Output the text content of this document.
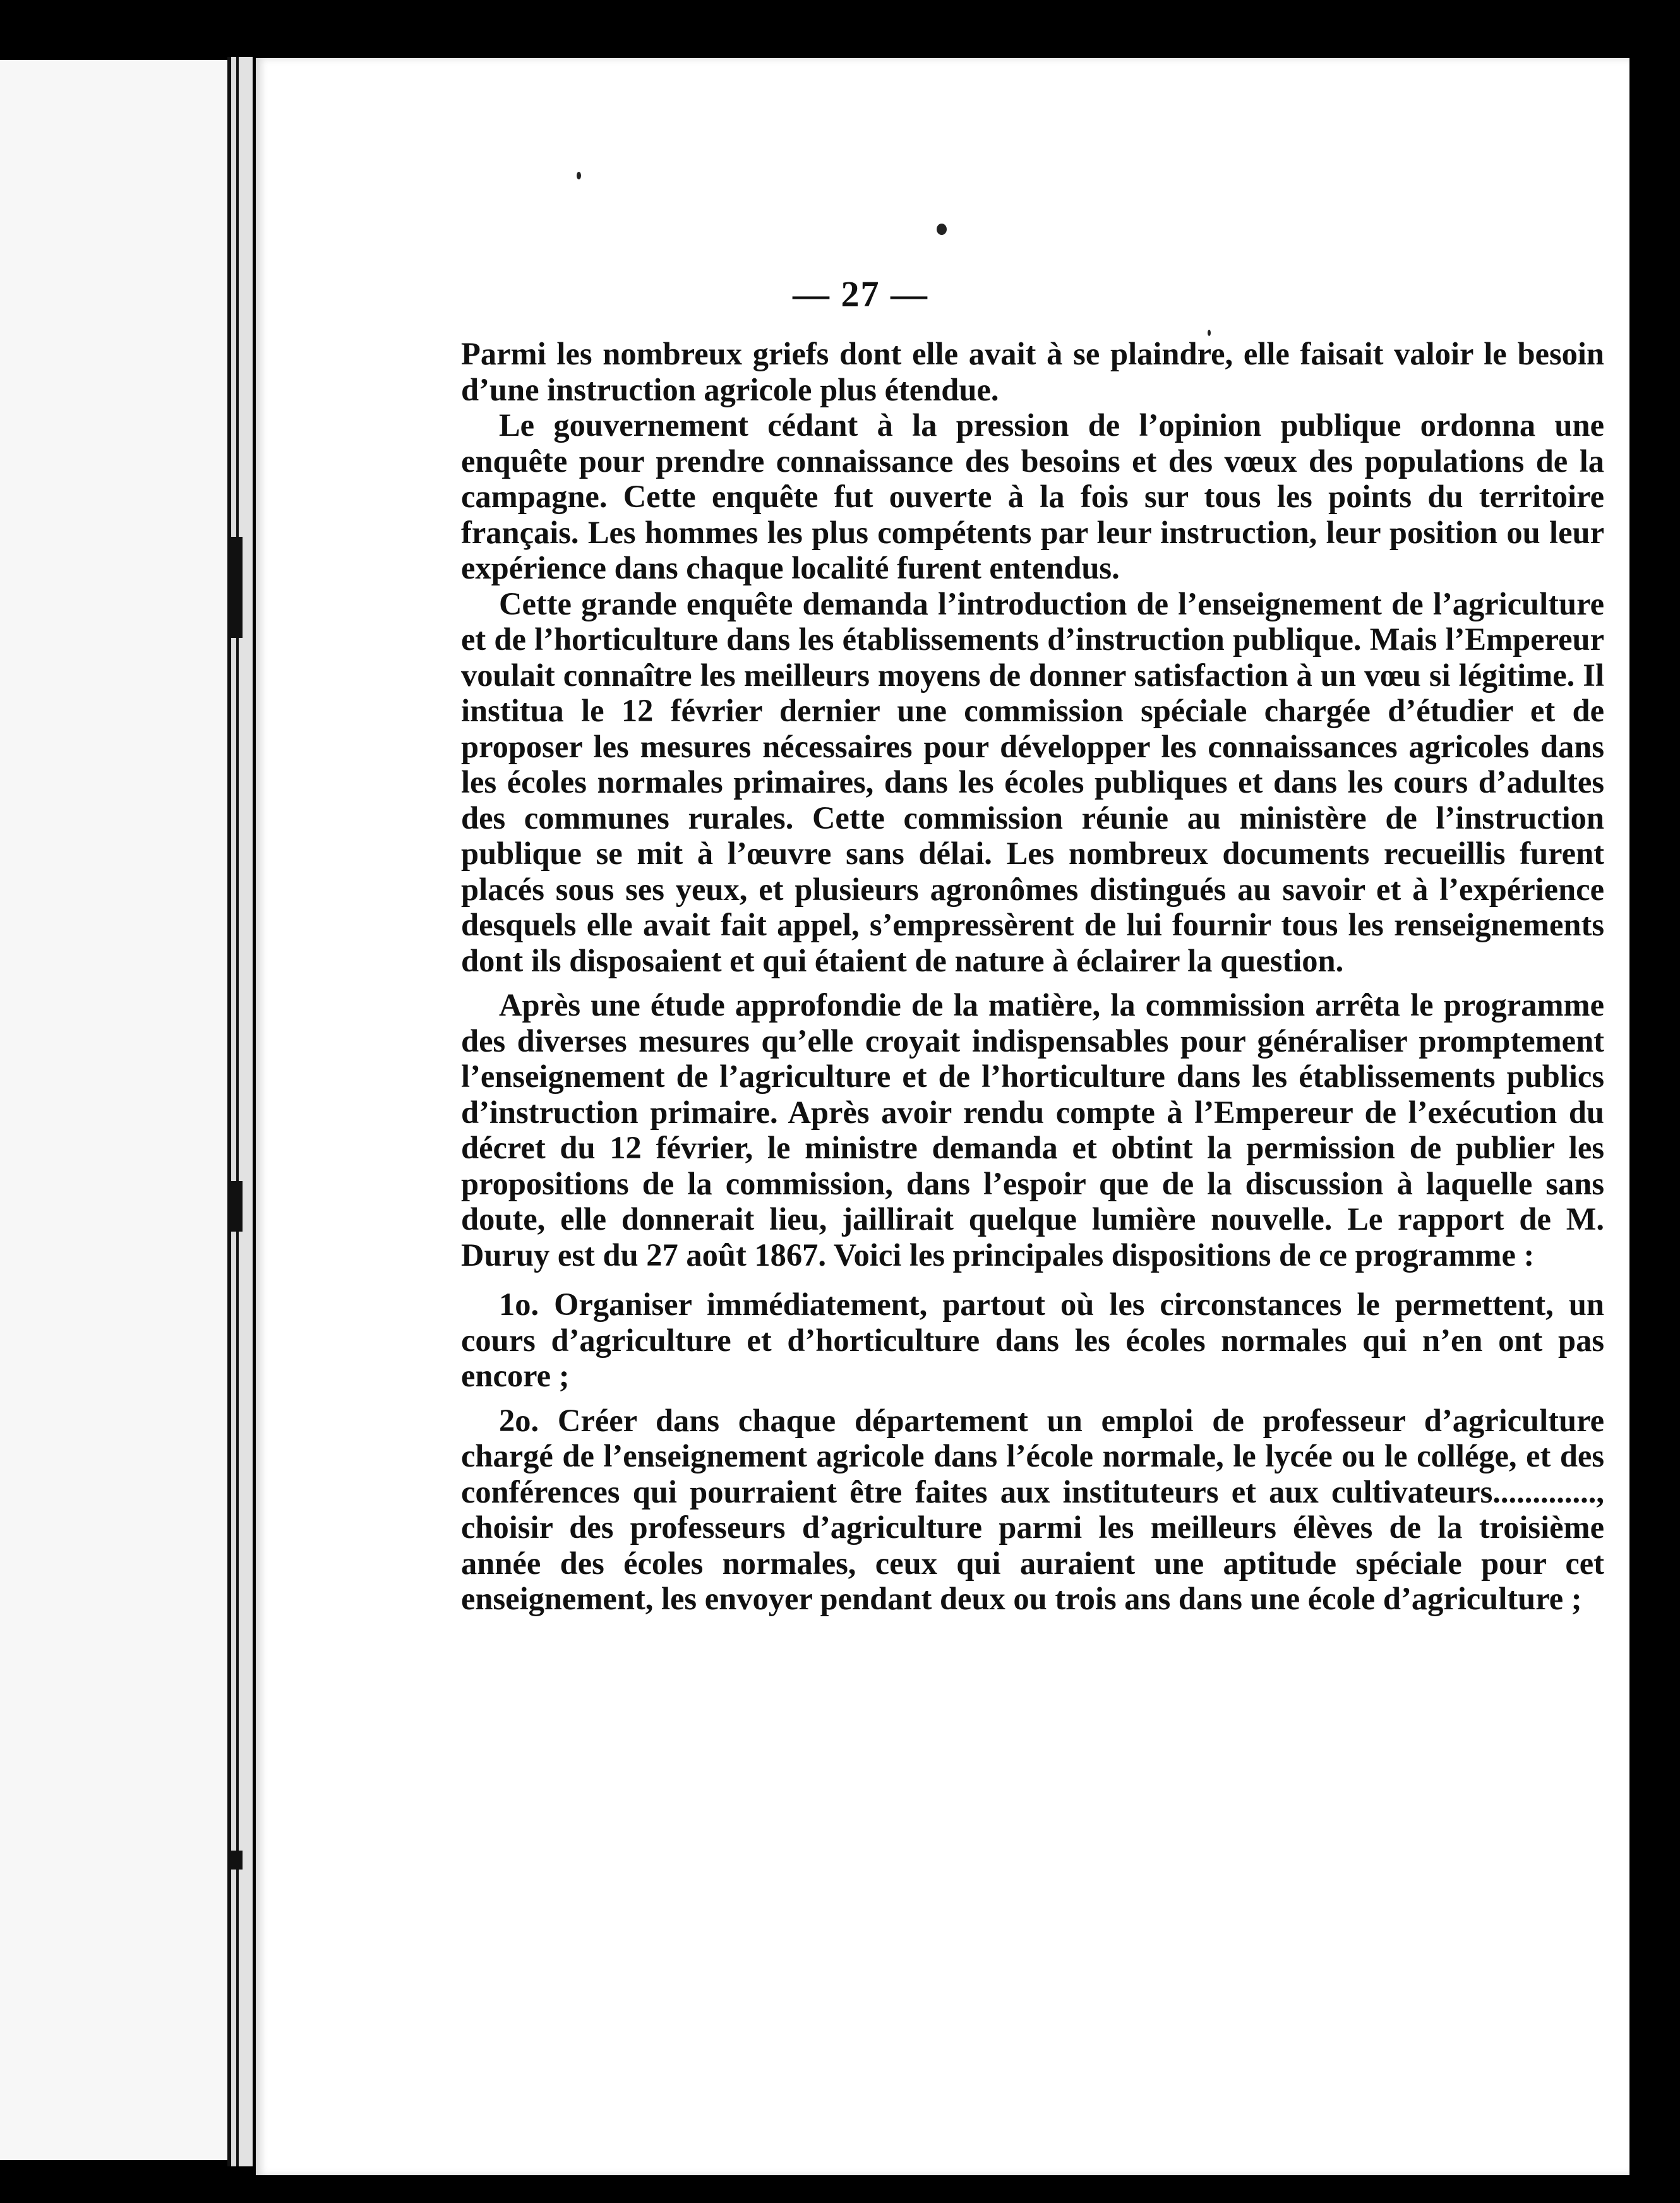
— 27 —

Parmi les nombreux griefs dont elle avait à se plaindre, elle faisait valoir le besoin d’une instruction agricole plus étendue.

Le gouvernement cédant à la pression de l’opinion publique ordonna une enquête pour prendre connaissance des besoins et des vœux des populations de la campagne. Cette enquête fut ouverte à la fois sur tous les points du territoire français. Les hommes les plus compétents par leur instruction, leur position ou leur expérience dans chaque localité furent entendus.

Cette grande enquête demanda l’introduction de l’enseignement de l’agriculture et de l’horticulture dans les établissements d’instruction publique. Mais l’Empereur voulait connaître les meilleurs moyens de donner satisfaction à un vœu si légitime. Il institua le 12 février dernier une commission spéciale chargée d’étudier et de proposer les mesures nécessaires pour développer les connaissances agricoles dans les écoles normales primaires, dans les écoles publiques et dans les cours d’adultes des communes rurales. Cette commission réunie au ministère de l’instruction publique se mit à l’œuvre sans délai. Les nombreux documents recueillis furent placés sous ses yeux, et plusieurs agronômes distingués au savoir et à l’expérience desquels elle avait fait appel, s’empressèrent de lui fournir tous les renseignements dont ils disposaient et qui étaient de nature à éclairer la question.

Après une étude approfondie de la matière, la commission arrêta le programme des diverses mesures qu’elle croyait indispensables pour généraliser promptement l’enseignement de l’agriculture et de l’horticulture dans les établissements publics d’instruction primaire. Après avoir rendu compte à l’Empereur de l’exécution du décret du 12 février, le ministre demanda et obtint la permission de publier les propositions de la commission, dans l’espoir que de la discussion à laquelle sans doute, elle donnerait lieu, jaillirait quelque lumière nouvelle. Le rapport de M. Duruy est du 27 août 1867. Voici les principales dispositions de ce programme :

1o. Organiser immédiatement, partout où les circonstances le permettent, un cours d’agriculture et d’horticulture dans les écoles normales qui n’en ont pas encore ;

2o. Créer dans chaque département un emploi de professeur d’agriculture chargé de l’enseignement agricole dans l’école normale, le lycée ou le collége, et des conférences qui pourraient être faites aux instituteurs et aux cultivateurs............., choisir des professeurs d’agriculture parmi les meilleurs élèves de la troisième année des écoles normales, ceux qui auraient une aptitude spéciale pour cet enseignement, les envoyer pendant deux ou trois ans dans une école d’agriculture ;
